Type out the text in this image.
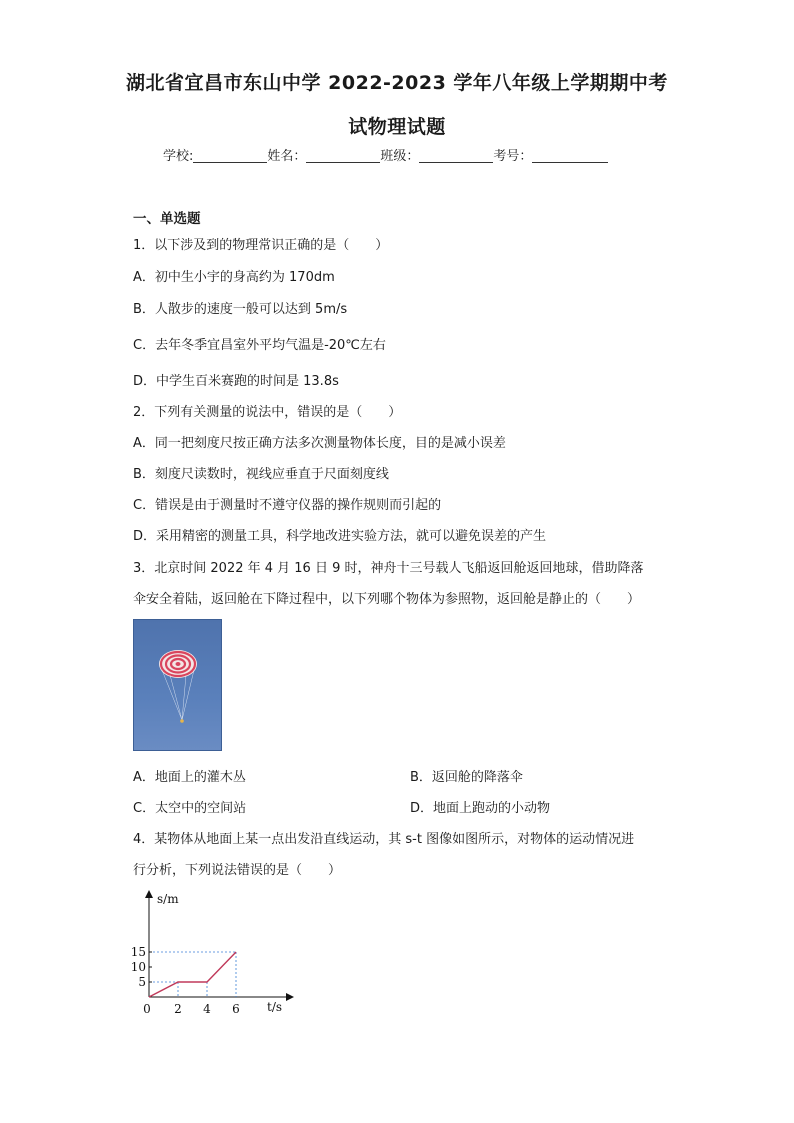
湖北省宜昌市东山中学 2022-2023 学年八年级上学期期中考
试物理试题
学校:	姓名：	班级：	考号：
一、单选题
1．以下涉及到的物理常识正确的是（　　）
A．初中生小宇的身高约为 170dm
B．人散步的速度一般可以达到 5m/s
C．去年冬季宜昌室外平均气温是-20℃左右
D．中学生百米赛跑的时间是 13.8s
2．下列有关测量的说法中，错误的是（　　）
A．同一把刻度尺按正确方法多次测量物体长度，目的是减小误差
B．刻度尺读数时，视线应垂直于尺面刻度线
C．错误是由于测量时不遵守仪器的操作规则而引起的
D．采用精密的测量工具，科学地改进实验方法，就可以避免误差的产生
3．北京时间 2022 年 4 月 16 日 9 时，神舟十三号载人飞船返回舱返回地球，借助降落
伞安全着陆，返回舱在下降过程中，以下列哪个物体为参照物，返回舱是静止的（　　）
A．地面上的灌木丛	B．返回舱的降落伞
C．太空中的空间站	D．地面上跑动的小动物
4．某物体从地面上某一点出发沿直线运动，其 s-t 图像如图所示，对物体的运动情况进
行分析，下列说法错误的是（　　）
s/m
t/s
15
10
5
0 2 4 6
